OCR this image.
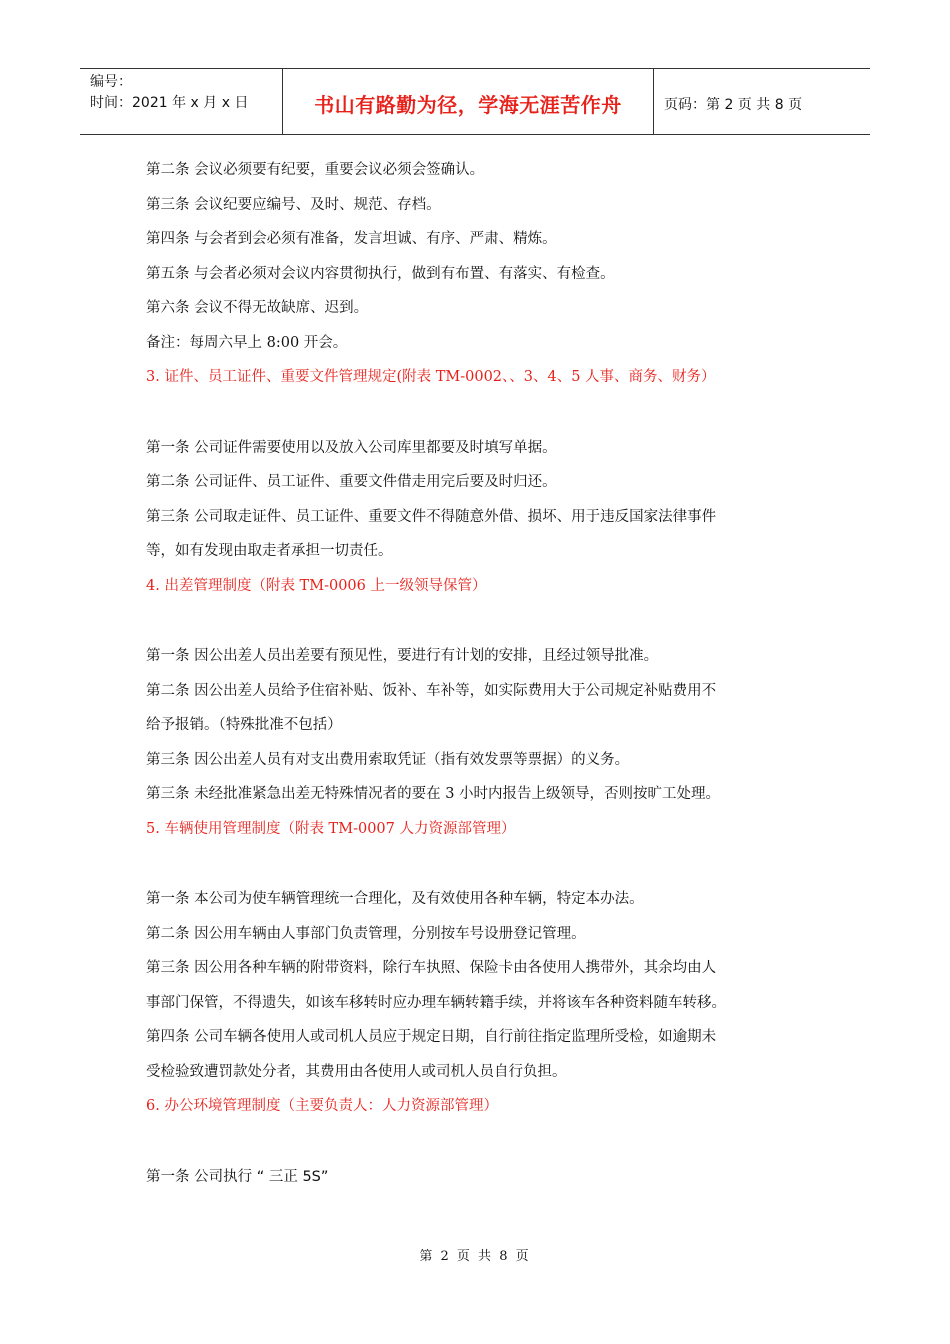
编号：
时间：2021 年 x 月 x 日	书山有路勤为径，学海无涯苦作舟	页码：第 2 页 共 8 页
第二条 会议必须要有纪要，重要会议必须会签确认。
第三条 会议纪要应编号、及时、规范、存档。
第四条 与会者到会必须有准备，发言坦诚、有序、严肃、精炼。
第五条 与会者必须对会议内容贯彻执行，做到有布置、有落实、有检查。
第六条 会议不得无故缺席、迟到。
备注：每周六早上 8:00 开会。
3. 证件、员工证件、重要文件管理规定(附表 TM-0002、、3、4、5 人事、商务、财务）
第一条 公司证件需要使用以及放入公司库里都要及时填写单据。
第二条 公司证件、员工证件、重要文件借走用完后要及时归还。
第三条 公司取走证件、员工证件、重要文件不得随意外借、损坏、用于违反国家法律事件
等，如有发现由取走者承担一切责任。
4. 出差管理制度（附表 TM-0006 上一级领导保管）
第一条 因公出差人员出差要有预见性，要进行有计划的安排，且经过领导批准。
第二条 因公出差人员给予住宿补贴、饭补、车补等，如实际费用大于公司规定补贴费用不
给予报销。（特殊批准不包括）
第三条 因公出差人员有对支出费用索取凭证（指有效发票等票据）的义务。
第三条 未经批准紧急出差无特殊情况者的要在 3 小时内报告上级领导，否则按旷工处理。
5. 车辆使用管理制度（附表 TM-0007 人力资源部管理）
第一条 本公司为使车辆管理统一合理化，及有效使用各种车辆，特定本办法。
第二条 因公用车辆由人事部门负责管理，分别按车号设册登记管理。
第三条 因公用各种车辆的附带资料，除行车执照、保险卡由各使用人携带外，其余均由人
事部门保管，不得遗失，如该车移转时应办理车辆转籍手续，并将该车各种资料随车转移。
第四条 公司车辆各使用人或司机人员应于规定日期，自行前往指定监理所受检，如逾期未
受检验致遭罚款处分者，其费用由各使用人或司机人员自行负担。
6. 办公环境管理制度（主要负责人：人力资源部管理）
第一条 公司执行 “ 三正 5S”
第 2 页 共 8 页
